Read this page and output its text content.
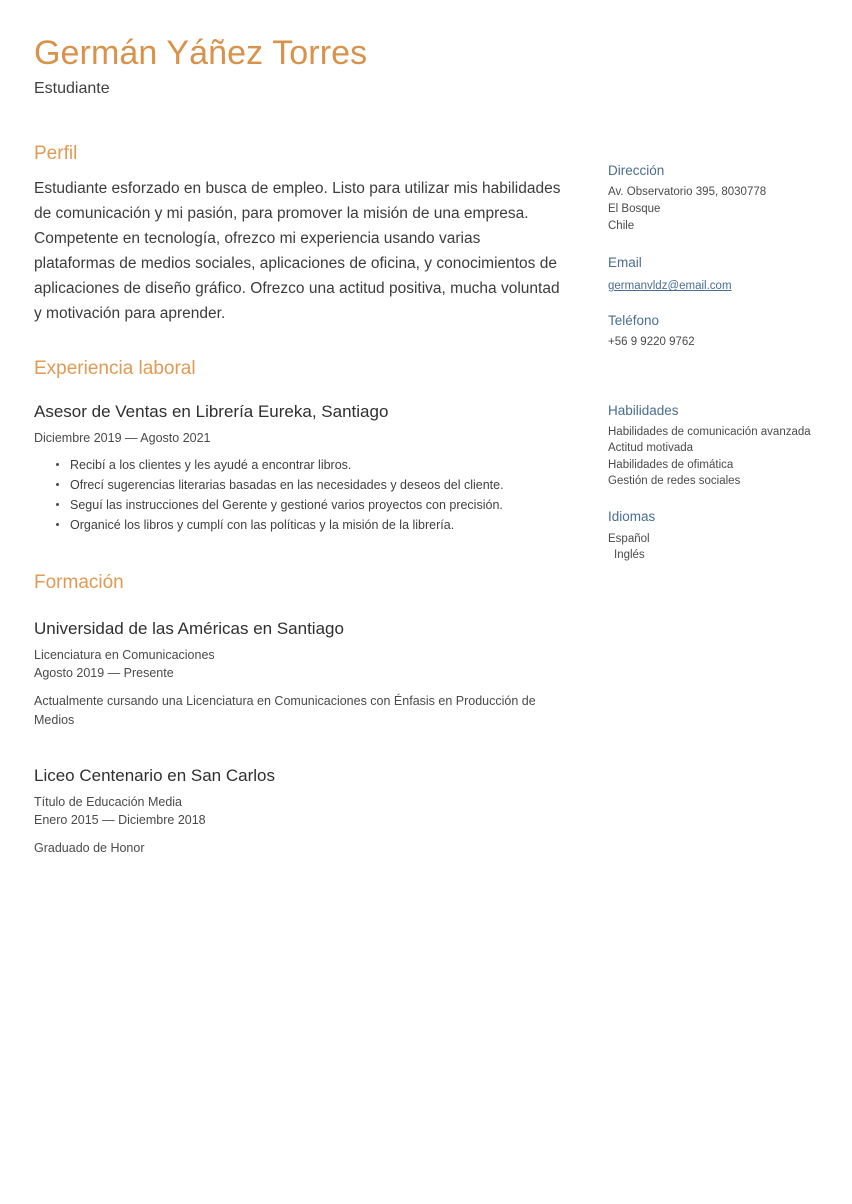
Germán Yáñez Torres
Estudiante
Perfil

Estudiante esforzado en busca de empleo. Listo para utilizar mis habilidades de comunicación y mi pasión, para promover la misión de una empresa. Competente en tecnología, ofrezco mi experiencia usando varias plataformas de medios sociales, aplicaciones de oficina, y conocimientos de aplicaciones de diseño gráfico. Ofrezco una actitud positiva, mucha voluntad y motivación para aprender.

Experiencia laboral
Asesor de Ventas en Librería Eureka, Santiago
Diciembre 2019 — Agosto 2021
Recibí a los clientes y les ayudé a encontrar libros.
Ofrecí sugerencias literarias basadas en las necesidades y deseos del cliente.
Seguí las instrucciones del Gerente y gestioné varios proyectos con precisión.
Organicé los libros y cumplí con las políticas y la misión de la librería.
Formación
Universidad de las Américas en Santiago
Licenciatura en Comunicaciones
Agosto 2019 — Presente
Actualmente cursando una Licenciatura en Comunicaciones con Énfasis en Producción de Medios
Liceo Centenario en San Carlos
Título de Educación Media
Enero 2015 — Diciembre 2018
Graduado de Honor
Dirección
Av. Observatorio 395, 8030778
El Bosque
Chile
Email
germanvldz@email.com
Teléfono
+56 9 9220 9762
Habilidades
Habilidades de comunicación avanzada
Actitud motivada
Habilidades de ofimática
Gestión de redes sociales
Idiomas
Español
Inglés
